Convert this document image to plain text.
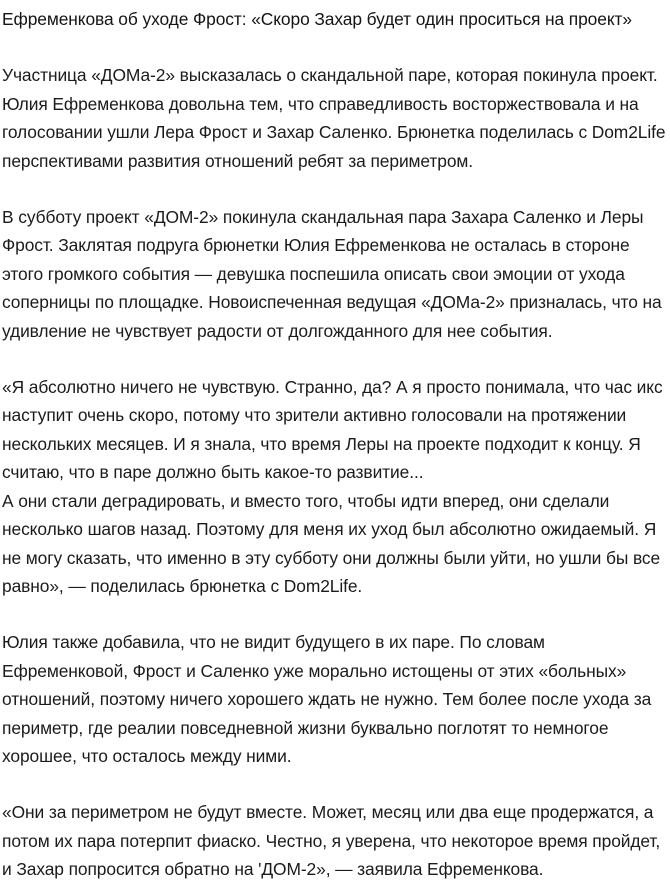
Ефременкова об уходе Фрост: «Скоро Захар будет один проситься на проект»

Участница «ДОМа-2» высказалась о скандальной паре, которая покинула проект. Юлия Ефременкова довольна тем, что справедливость восторжествовала и на голосовании ушли Лера Фрост и Захар Саленко. Брюнетка поделилась с Dom2Life перспективами развития отношений ребят за периметром.

В субботу проект «ДОМ-2» покинула скандальная пара Захара Саленко и Леры Фрост. Заклятая подруга брюнетки Юлия Ефременкова не осталась в стороне этого громкого события — девушка поспешила описать свои эмоции от ухода соперницы по площадке. Новоиспеченная ведущая «ДОМа-2» призналась, что на удивление не чувствует радости от долгожданного для нее события.

«Я абсолютно ничего не чувствую. Странно, да? А я просто понимала, что час икс наступит очень скоро, потому что зрители активно голосовали на протяжении нескольких месяцев. И я знала, что время Леры на проекте подходит к концу. Я считаю, что в паре должно быть какое-то развитие...

А они стали деградировать, и вместо того, чтобы идти вперед, они сделали несколько шагов назад. Поэтому для меня их уход был абсолютно ожидаемый. Я не могу сказать, что именно в эту субботу они должны были уйти, но ушли бы все равно», — поделилась брюнетка с Dom2Life.

Юлия также добавила, что не видит будущего в их паре. По словам Ефременковой, Фрост и Саленко уже морально истощены от этих «больных» отношений, поэтому ничего хорошего ждать не нужно. Тем более после ухода за периметр, где реалии повседневной жизни буквально поглотят то немногое хорошее, что осталось между ними.

«Они за периметром не будут вместе. Может, месяц или два еще продержатся, а потом их пара потерпит фиаско. Честно, я уверена, что некоторое время пройдет, и Захар попросится обратно на 'ДОМ-2», — заявила Ефременкова.
